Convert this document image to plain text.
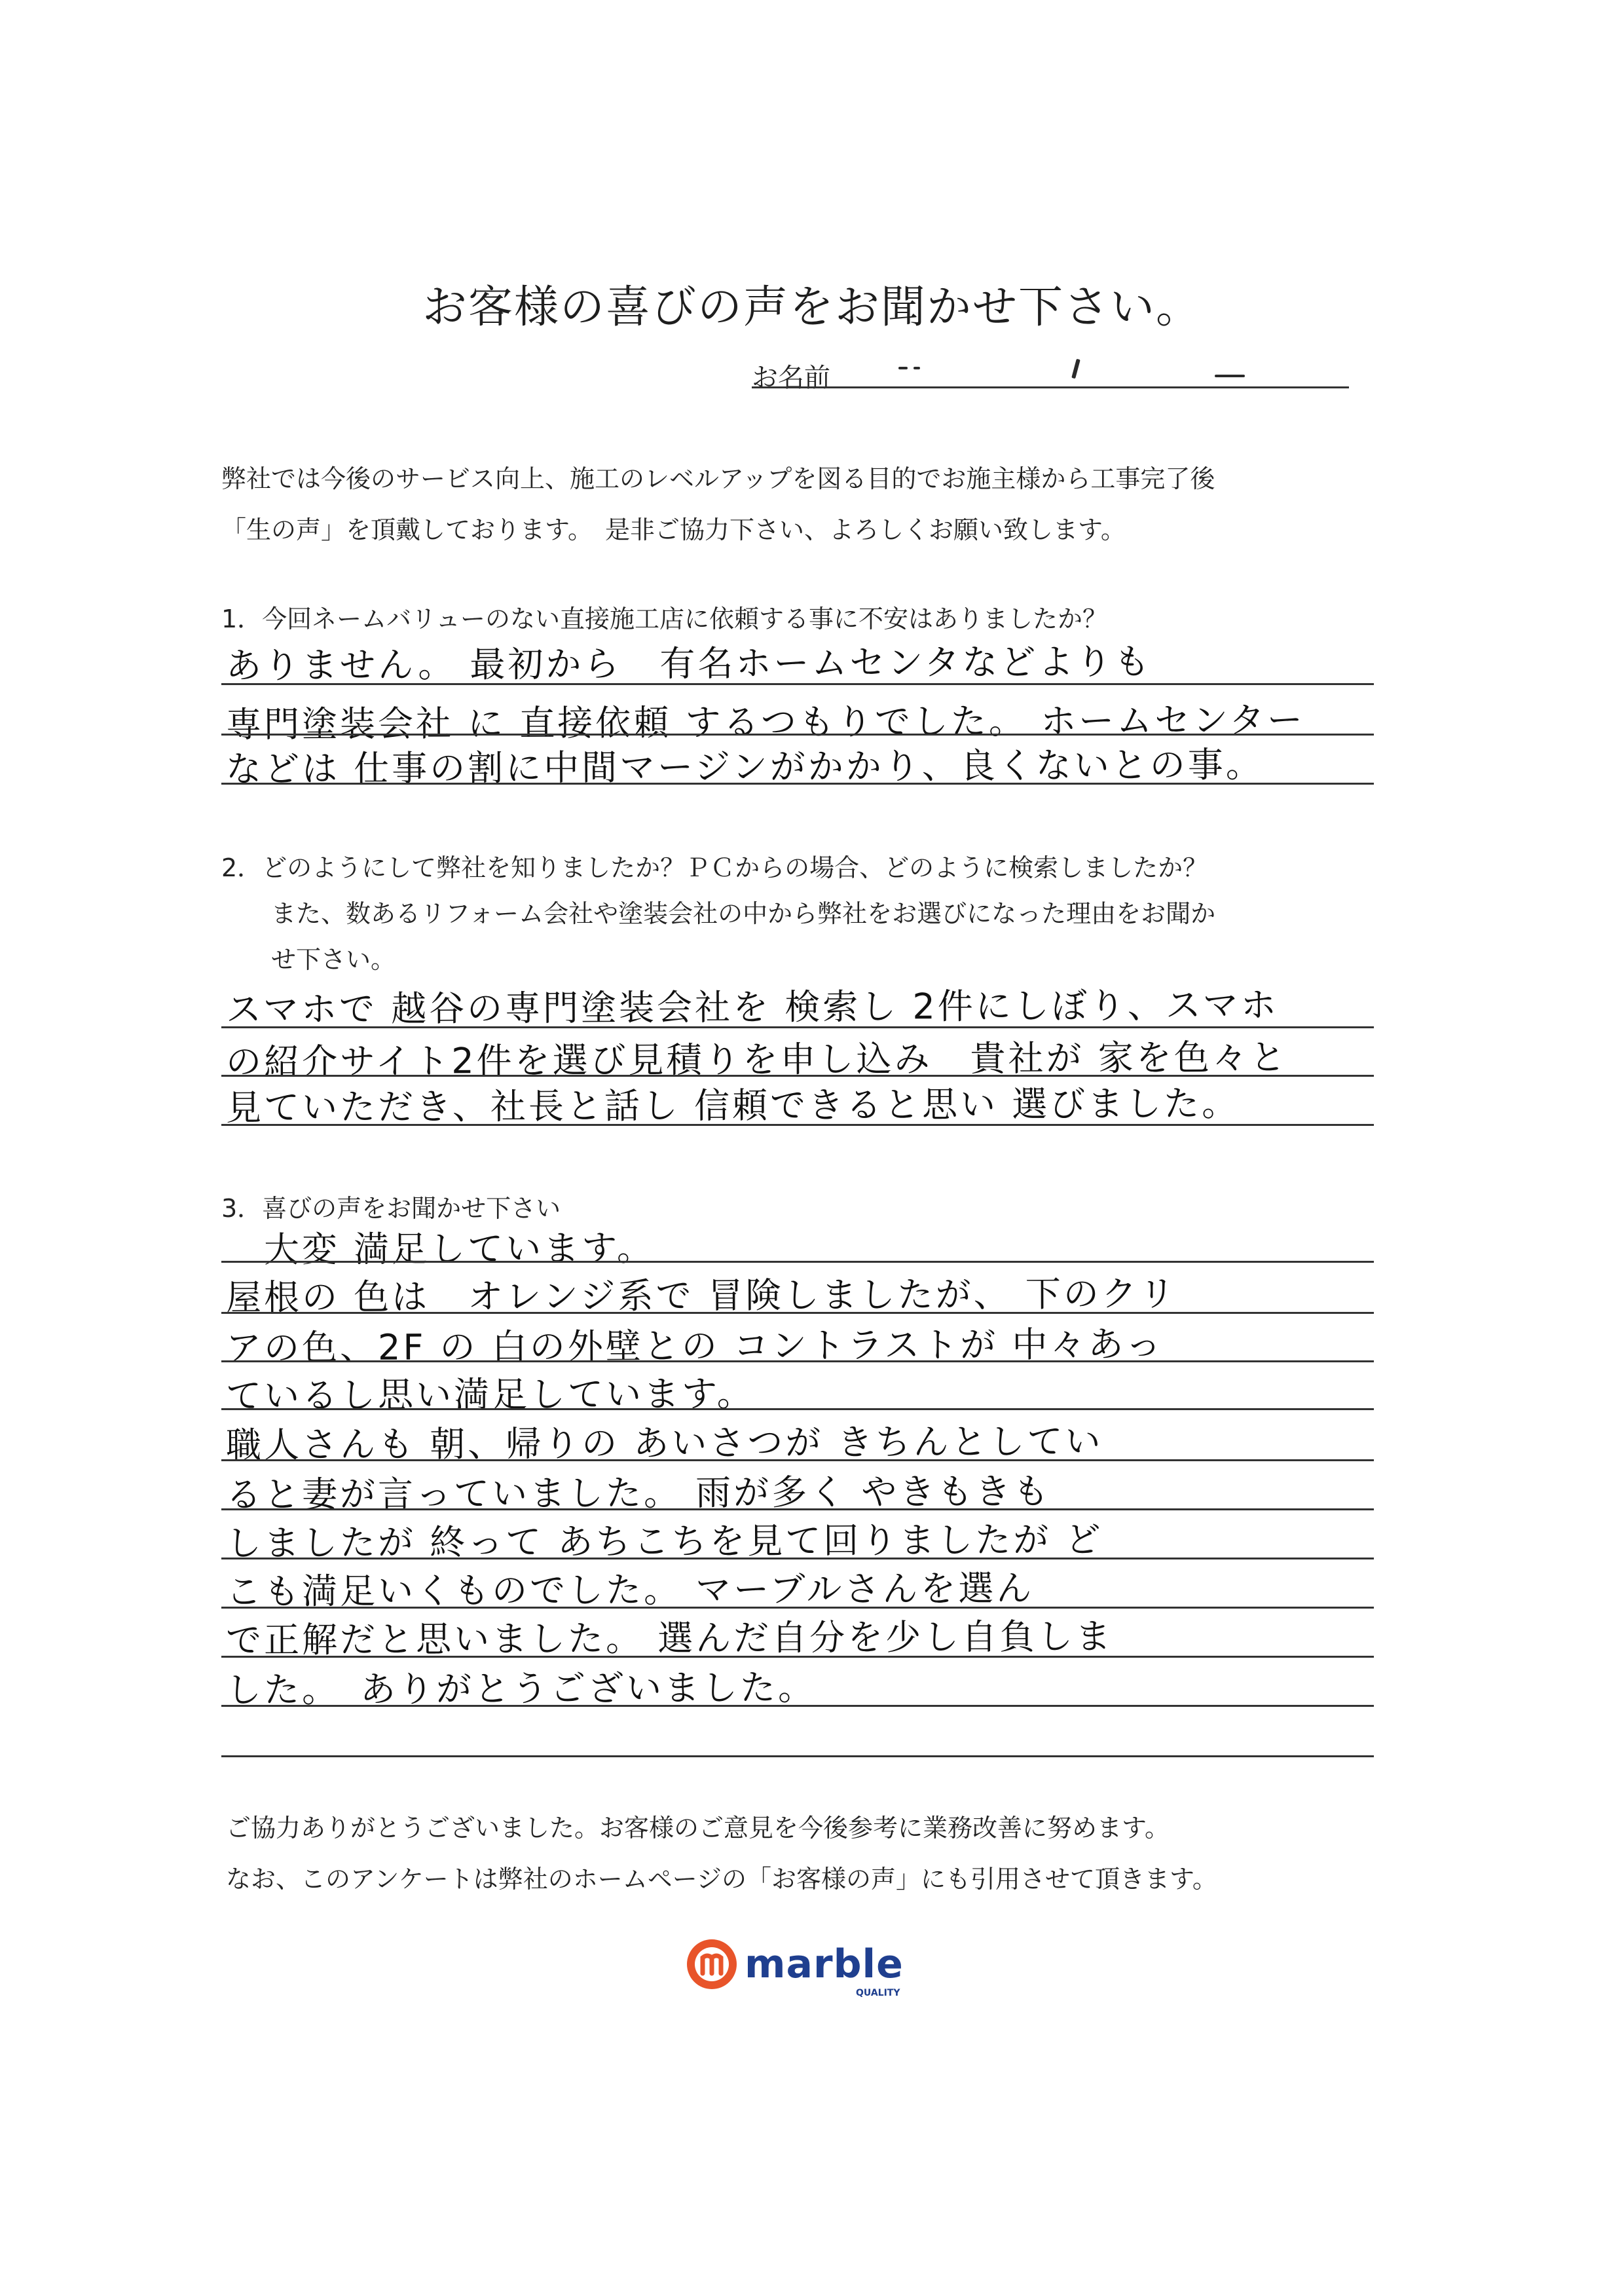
お客様の喜びの声をお聞かせ下さい。
お名前
弊社では今後のサービス向上、施工のレベルアップを図る目的でお施主様から工事完了後
「生の声」を頂戴しております。　是非ご協力下さい、よろしくお願い致します。
1．今回ネームバリューのない直接施工店に依頼する事に不安はありましたか？
ありません。 最初から　有名ホームセンタなどよりも
専門塗装会社 に 直接依頼 するつもりでした。 ホームセンター
などは 仕事の割に中間マージンがかかり、良くないとの事。
2．どのようにして弊社を知りましたか？ＰＣからの場合、どのように検索しましたか？
　　また、数あるリフォーム会社や塗装会社の中から弊社をお選びになった理由をお聞か
　　せ下さい。
スマホで 越谷の専門塗装会社を 検索し 2件にしぼり、スマホ
の紹介サイト2件を選び見積りを申し込み　貴社が 家を色々と
見ていただき、社長と話し 信頼できると思い 選びました。
3．喜びの声をお聞かせ下さい
　大変 満足しています。
屋根の 色は　オレンジ系で 冒険しましたが、 下のクリ
アの色、2F の 白の外壁との コントラストが 中々あっ
ているし思い満足しています。
職人さんも 朝、帰りの あいさつが きちんとしてい
ると妻が言っていました。 雨が多く やきもきも
しましたが 終って あちこちを見て回りましたが ど
こも満足いくものでした。 マーブルさんを選ん
で正解だと思いました。 選んだ自分を少し自負しま
した。　ありがとうございました。
ご協力ありがとうございました。お客様のご意見を今後参考に業務改善に努めます。
なお、このアンケートは弊社のホームページの「お客様の声」にも引用させて頂きます。
marble
QUALITY
